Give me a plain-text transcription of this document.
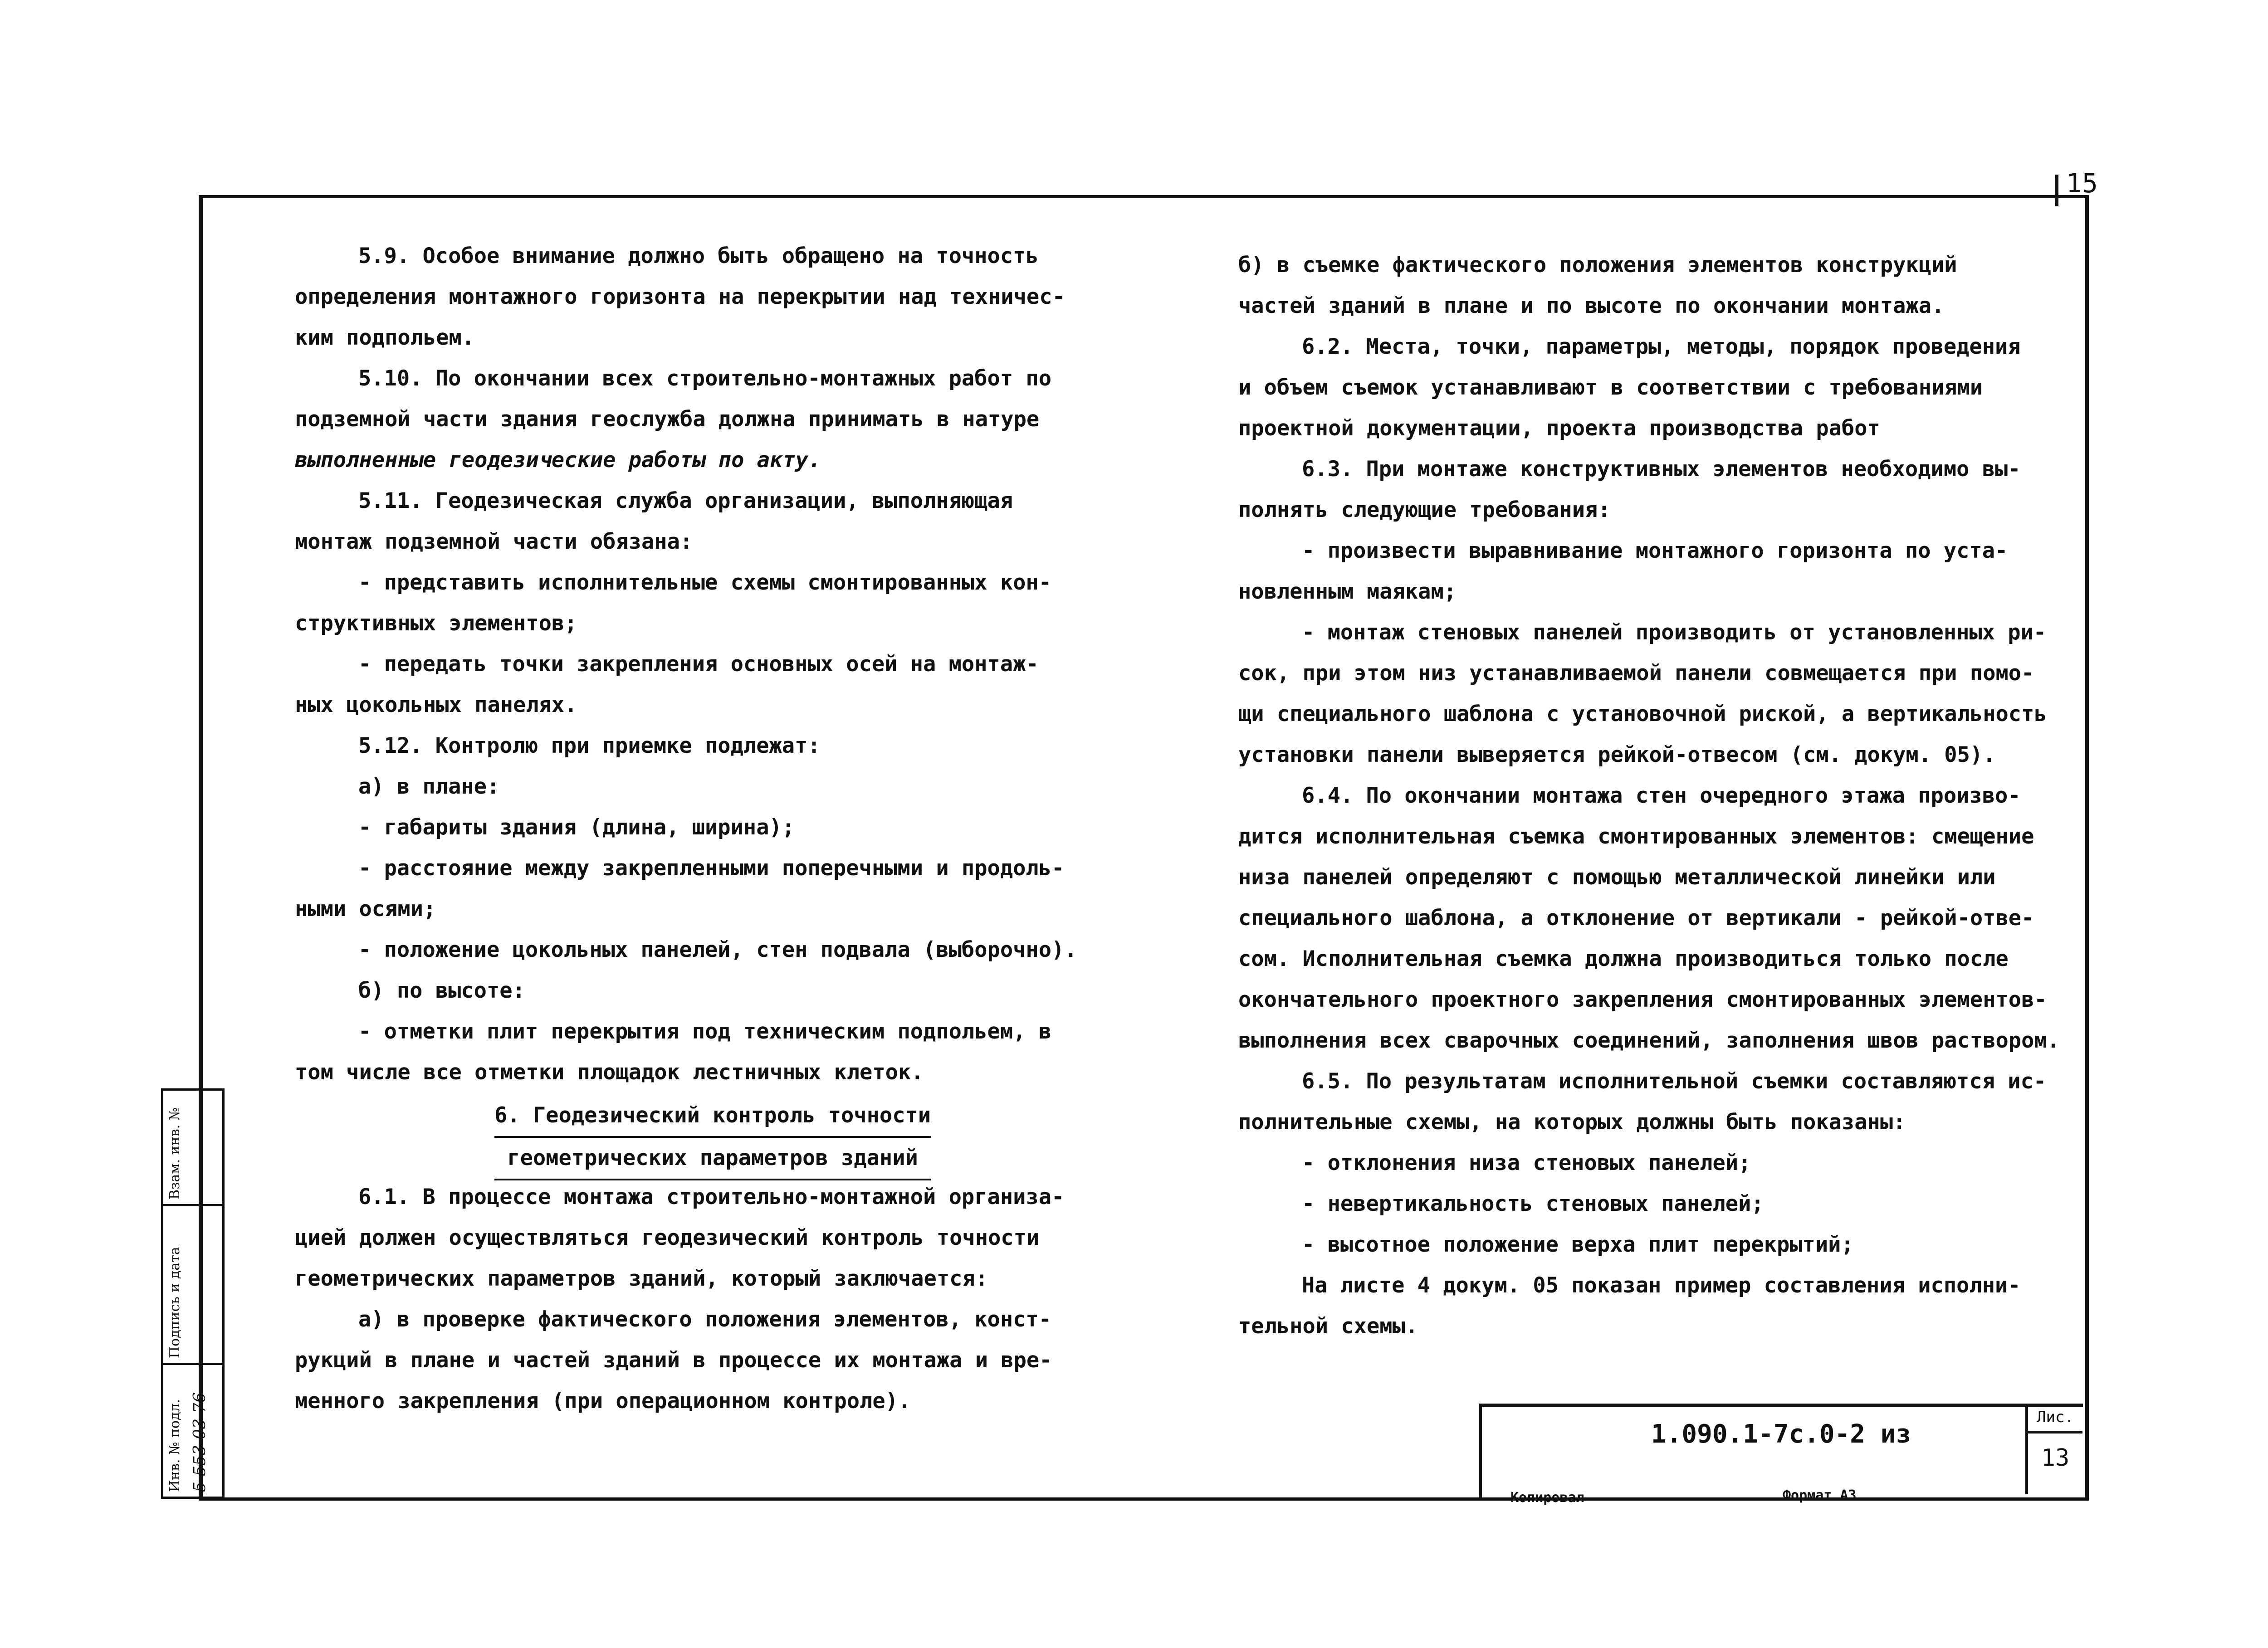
15

5.9. Особое внимание должно быть обращено на точность

определения монтажного горизонта на перекрытии над техничес-

ким подпольем.

5.10. По окончании всех строительно-монтажных работ по

подземной части здания геослужба должна принимать в натуре

выполненные геодезические работы по акту.

5.11. Геодезическая служба организации, выполняющая

монтаж подземной части обязана:

- представить исполнительные схемы смонтированных кон-

структивных элементов;

- передать точки закрепления основных осей на монтаж-

ных цокольных панелях.

5.12. Контролю при приемке подлежат:

а) в плане:

- габариты здания (длина, ширина);

- расстояние между закрепленными поперечными и продоль-

ными осями;

- положение цокольных панелей, стен подвала (выборочно).

б) по высоте:

- отметки плит перекрытия под техническим подпольем, в

том числе все отметки площадок лестничных клеток.

6. Геодезический контроль точности
геометрических параметров зданий

6.1. В процессе монтажа строительно-монтажной организа-

цией должен осуществляться геодезический контроль точности

геометрических параметров зданий, который заключается:

а) в проверке фактического положения элементов, конст-

рукций в плане и частей зданий в процессе их монтажа и вре-

менного закрепления (при операционном контроле).

б) в съемке фактического положения элементов конструкций

частей зданий в плане и по высоте по окончании монтажа.

6.2. Места, точки, параметры, методы, порядок проведения

и объем съемок устанавливают в соответствии с требованиями

проектной документации, проекта производства работ

6.3. При монтаже конструктивных элементов необходимо вы-

полнять следующие требования:

- произвести выравнивание монтажного горизонта по уста-

новленным маякам;

- монтаж стеновых панелей производить от установленных ри-

сок, при этом низ устанавливаемой панели совмещается при помо-

щи специального шаблона с установочной риской, а вертикальность

установки панели выверяется рейкой-отвесом (см. докум. 05).

6.4. По окончании монтажа стен очередного этажа произво-

дится исполнительная съемка смонтированных элементов: смещение

низа панелей определяют с помощью металлической линейки или

специального шаблона, а отклонение от вертикали - рейкой-отве-

сом. Исполнительная съемка должна производиться только после

окончательного проектного закрепления смонтированных элементов-

выполнения всех сварочных соединений, заполнения швов раствором.

6.5. По результатам исполнительной съемки составляются ис-

полнительные схемы, на которых должны быть показаны:

- отклонения низа стеновых панелей;

- невертикальность стеновых панелей;

- высотное положение верха плит перекрытий;

На листе 4 докум. 05 показан пример составления исполни-

тельной схемы.

1.090.1-7с.0-2 из
Лис.
13
Копировал	Формат А3
Взам. инв. №
Подпись и дата
Инв. № подл. 5-553-03-76
